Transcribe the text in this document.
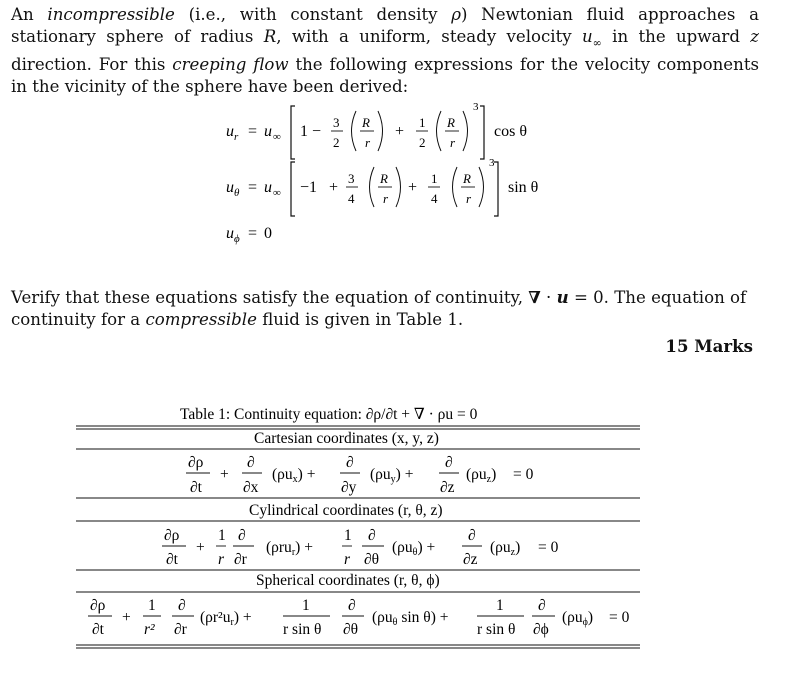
An incompressible (i.e., with constant density ρ) Newtonian fluid approaches a stationary sphere of radius R, with a uniform, steady velocity $u_\infty$ in the upward z direction. For this creeping flow the following expressions for the velocity components in the vicinity of the sphere have been derived:
$u_r = u$ ∞ 1 −
3
2
R
r
+
1
2
R
r
3
cos θ
$u_\theta = u$ ∞ −1 +
3
4
R
r
+
1
4
R
r
3
sin θ
$u_\phi = 0$
Table 1: Continuity equation: ∂ρ/∂t + ∇ · ρu = 0
Cartesian coordinates (x, y, z)
∂ρ
∂t
+
∂
∂x
(ρux) +
∂
∂y
(ρuy) +
∂
∂z
(ρuz) = 0
Cylindrical coordinates (r, θ, z)
∂ρ
∂t
+
1
r
∂
∂r
(ρrur) +
1
r
∂
∂θ
(ρuθ) +
∂
∂z
(ρuz) = 0
Spherical coordinates (r, θ, ϕ)
∂ρ
∂t
+
1
r²
∂
∂r
(ρr²ur) +
1
r sin θ
∂
∂θ
(ρuθ sin θ) +
1
r sin θ
∂
∂ϕ
(ρuϕ) = 0
Verify that these equations satisfy the equation of continuity, ∇ · u = 0. The equation of continuity for a compressible fluid is given in Table 1.
15 Marks
